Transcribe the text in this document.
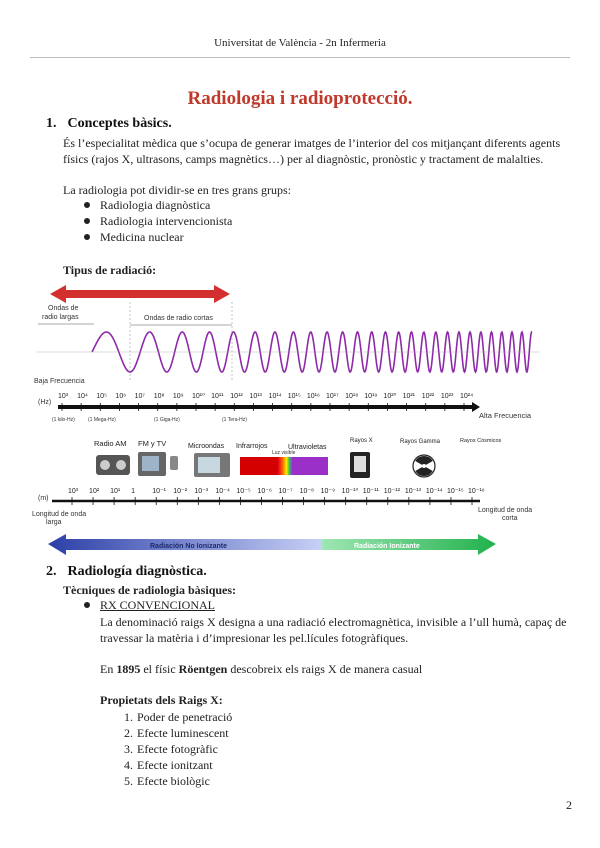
Universitat de València - 2n Infermeria
Radiologia i radioprotecció.
1. Conceptes bàsics.
És l’especialitat mèdica que s’ocupa de generar imatges de l’interior del cos mitjançant diferents agents
físics (rajos X, ultrasons, camps magnètics…) per al diagnòstic, pronòstic y tractament de malalties.
La radiologia pot dividir-se en tres grans grups:
Radiologia diagnòstica
Radiologia intervencionista
Medicina nuclear
Tipus de radiació:
Espectro Radioeléctrico
Ondas de
radio largas	Ondas de radio cortas
Baja Frecuencia
(Hz)
10³ 10⁴ 10⁵ 10⁶ 10⁷ 10⁸ 10⁹ 10¹⁰ 10¹¹ 10¹² 10¹³ 10¹⁴ 10¹⁵ 10¹⁶ 10¹⁷ 10¹⁸ 10¹⁹ 10²⁰ 10²¹ 10²² 10²³ 10²⁴
Alta Frecuencia
(1 kilo-Hz)	(1 Mega-Hz)	(1 Giga-Hz)	(1 Tera-Hz)
Radio AM FM y TV	Microondas Infrarrojos	Ultravioletas
Rayos X	Rayos Gamma	Rayos Cósmicos
Luz visible
(m)
10³ 10² 10¹ 1 10⁻¹ 10⁻² 10⁻³ 10⁻⁴ 10⁻⁵ 10⁻⁶ 10⁻⁷ 10⁻⁸ 10⁻⁹ 10⁻¹⁰ 10⁻¹¹ 10⁻¹² 10⁻¹³ 10⁻¹⁴ 10⁻¹⁵ 10⁻¹⁶
Longitud de onda
larga
Longitud de onda
corta
Radiación No Ionizante	Radiación Ionizante
2. Radiología diagnòstica.
Tècniques de radiologia bàsiques:
RX CONVENCIONAL
La denominació raigs X designa a una radiació electromagnètica, invisible a l’ull humà, capaç de
travessar la matèria i d’impresionar les pel.lícules fotogràfiques.
En 1895 el físic Röentgen descobreix els raigs X de manera casual
Propietats dels Raigs X:
1. Poder de penetració
2. Efecte luminescent
3. Efecte fotogràfic
4. Efecte ionitzant
5. Efecte biològic
2
